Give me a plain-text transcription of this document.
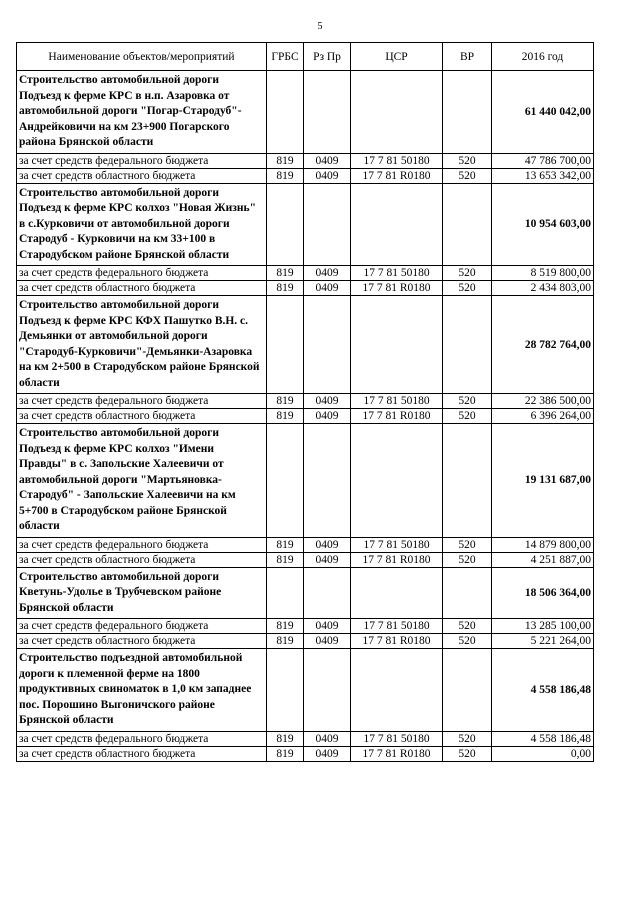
5
Наименование объектов/мероприятий	ГРБС	Рз Пр	ЦСР	ВР	2016 год
Строительство автомобильной дороги Подъезд к ферме КРС в н.п. Азаровка от автомобильной дороги "Погар-Стародуб"-Андрейковичи на км 23+900 Погарского района Брянской области					61 440 042,00
за счет средств федерального бюджета	819	0409	17 7 81 50180	520	47 786 700,00
за счет средств областного бюджета	819	0409	17 7 81 R0180	520	13 653 342,00
Строительство автомобильной дороги Подъезд к ферме КРС колхоз "Новая Жизнь" в с.Курковичи от автомобильной дороги Стародуб - Курковичи на км 33+100 в Стародубском районе Брянской области					10 954 603,00
за счет средств федерального бюджета	819	0409	17 7 81 50180	520	8 519 800,00
за счет средств областного бюджета	819	0409	17 7 81 R0180	520	2 434 803,00
Строительство автомобильной дороги Подъезд к ферме КРС КФХ Пашутко В.Н. с. Демьянки от автомобильной дороги "Стародуб-Курковичи"-Демьянки-Азаровка на км 2+500 в Стародубском районе Брянской области					28 782 764,00
за счет средств федерального бюджета	819	0409	17 7 81 50180	520	22 386 500,00
за счет средств областного бюджета	819	0409	17 7 81 R0180	520	6 396 264,00
Строительство автомобильной дороги Подъезд к ферме КРС колхоз "Имени Правды" в с. Запольские Халеевичи от автомобильной дороги "Мартьяновка-Стародуб" - Запольские Халеевичи на км 5+700 в Стародубском районе Брянской области					19 131 687,00
за счет средств федерального бюджета	819	0409	17 7 81 50180	520	14 879 800,00
за счет средств областного бюджета	819	0409	17 7 81 R0180	520	4 251 887,00
Строительство автомобильной дороги Кветунь-Удолье в Трубчевском районе Брянской области					18 506 364,00
за счет средств федерального бюджета	819	0409	17 7 81 50180	520	13 285 100,00
за счет средств областного бюджета	819	0409	17 7 81 R0180	520	5 221 264,00
Строительство подъездной автомобильной дороги к племенной ферме на 1800 продуктивных свиноматок в 1,0 км западнее пос. Порошино Выгоничского районе Брянской области					4 558 186,48
за счет средств федерального бюджета	819	0409	17 7 81 50180	520	4 558 186,48
за счет средств областного бюджета	819	0409	17 7 81 R0180	520	0,00
